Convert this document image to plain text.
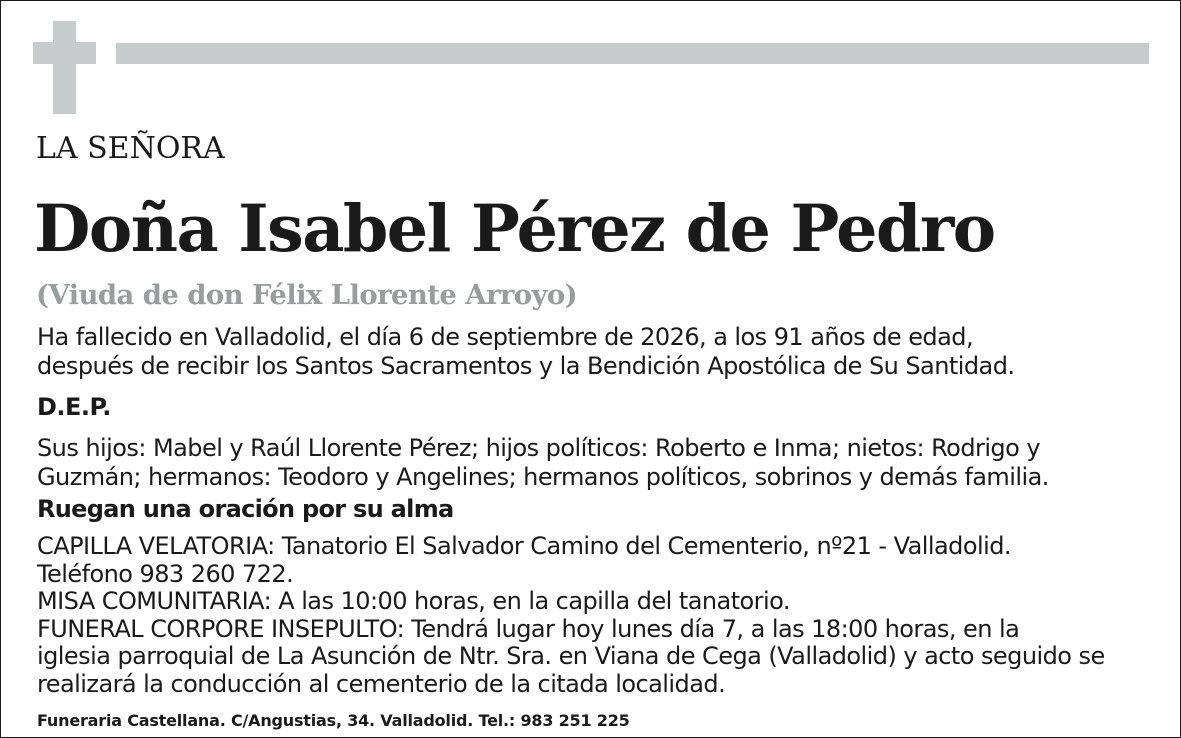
LA SEÑORA

Doña Isabel Pérez de Pedro

(Viuda de don Félix Llorente Arroyo)

Ha fallecido en Valladolid, el día 6 de septiembre de 2026, a los 91 años de edad,
después de recibir los Santos Sacramentos y la Bendición Apostólica de Su Santidad.

D.E.P.

Sus hijos: Mabel y Raúl Llorente Pérez; hijos políticos: Roberto e Inma; nietos: Rodrigo y
Guzmán; hermanos: Teodoro y Angelines; hermanos políticos, sobrinos y demás familia.

Ruegan una oración por su alma

CAPILLA VELATORIA: Tanatorio El Salvador Camino del Cementerio, nº21 - Valladolid.
Teléfono 983 260 722.
MISA COMUNITARIA: A las 10:00 horas, en la capilla del tanatorio.
FUNERAL CORPORE INSEPULTO: Tendrá lugar hoy lunes día 7, a las 18:00 horas, en la
iglesia parroquial de La Asunción de Ntr. Sra. en Viana de Cega (Valladolid) y acto seguido se
realizará la conducción al cementerio de la citada localidad.

Funeraria Castellana. C/Angustias, 34. Valladolid. Tel.: 983 251 225
